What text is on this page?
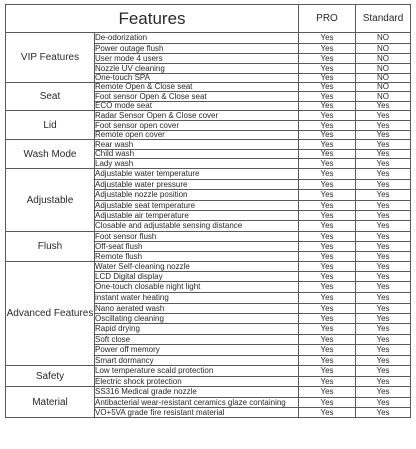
Features		PRO	Standard
VIP Features	De-odorization	Yes	NO
	Power outage flush	Yes	NO
	User mode 4 users	Yes	NO
	Nozzle UV cleaning	Yes	NO
	One-touch SPA	Yes	NO
Seat	Remote Open & Close seat	Yes	NO
	Foot sensor Open & Close seat	Yes	NO
	ECO mode seat	Yes	Yes
Lid	Radar Sensor Open & Close cover	Yes	Yes
	Foot sensor open cover	Yes	Yes
	Remote open cover	Yes	Yes
Wash Mode	Rear wash	Yes	Yes
	Child wash	Yes	Yes
	Lady wash	Yes	Yes
Adjustable	Adjustable water temperature	Yes	Yes
	Adjustable water pressure	Yes	Yes
	Adjustable nozzle position	Yes	Yes
	Adjustable seat temperature	Yes	Yes
	Adjustable air temperature	Yes	Yes
	Closable and adjustable sensing distance	Yes	Yes
Flush	Foot sensor flush	Yes	Yes
	Off-seat flush	Yes	Yes
	Remote flush	Yes	Yes
Advanced Features	Water Self-cleaning nozzle	Yes	Yes
	LCD Digital display	Yes	Yes
	One-touch closable night light	Yes	Yes
	instant water heating	Yes	Yes
	Nano aerated wash	Yes	Yes
	Oscillating cleaning	Yes	Yes
	Rapid drying	Yes	Yes
	Soft close	Yes	Yes
	Power off memory	Yes	Yes
	Smart dormancy	Yes	Yes
Safety	Low temperature scald protection	Yes	Yes
	Electric shock protection	Yes	Yes
Material	SS316 Medical grade nozzle	Yes	Yes
	Antibacterial wear-resistant ceramics glaze containing	Yes	Yes
	VO+5VA grade fire resistant material	Yes	Yes
